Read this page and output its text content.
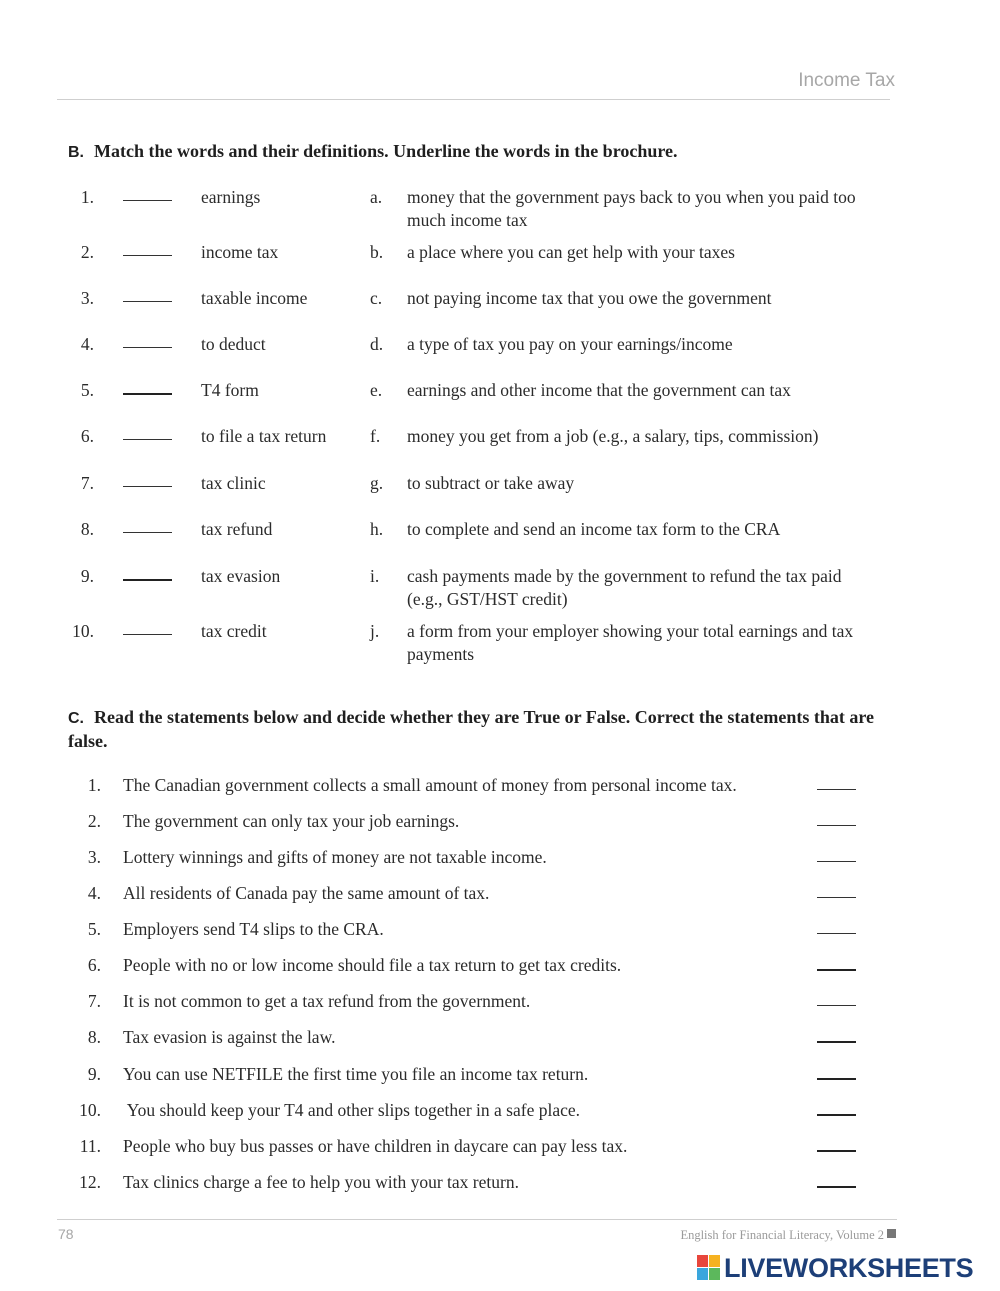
Income Tax
B. Match the words and their definitions. Underline the words in the brochure.
1.	earnings	a. money that the government pays back to you when you paid too much income tax
2.	income tax	b. a place where you can get help with your taxes
3.	taxable income	c. not paying income tax that you owe the government
4.	to deduct	d. a type of tax you pay on your earnings/income
5.	T4 form	e. earnings and other income that the government can tax
6.	to file a tax return f. money you get from a job (e.g., a salary, tips, commission)
7.	tax clinic	g. to subtract or take away
8.	tax refund	h. to complete and send an income tax form to the CRA
9.	tax evasion	i. cash payments made by the government to refund the tax paid (e.g., GST/HST credit)
10.	tax credit	j. a form from your employer showing your total earnings and tax payments
C. Read the statements below and decide whether they are True or False. Correct the statements that are false.
1. The Canadian government collects a small amount of money from personal income tax.
2. The government can only tax your job earnings.
3. Lottery winnings and gifts of money are not taxable income.
4. All residents of Canada pay the same amount of tax.
5. Employers send T4 slips to the CRA.
6. People with no or low income should file a tax return to get tax credits.
7. It is not common to get a tax refund from the government.
8. Tax evasion is against the law.
9. You can use NETFILE the first time you file an income tax return.
10. You should keep your T4 and other slips together in a safe place.
11. People who buy bus passes or have children in daycare can pay less tax.
12. Tax clinics charge a fee to help you with your tax return.
78	English for Financial Literacy, Volume 2
LIVEWORKSHEETS
